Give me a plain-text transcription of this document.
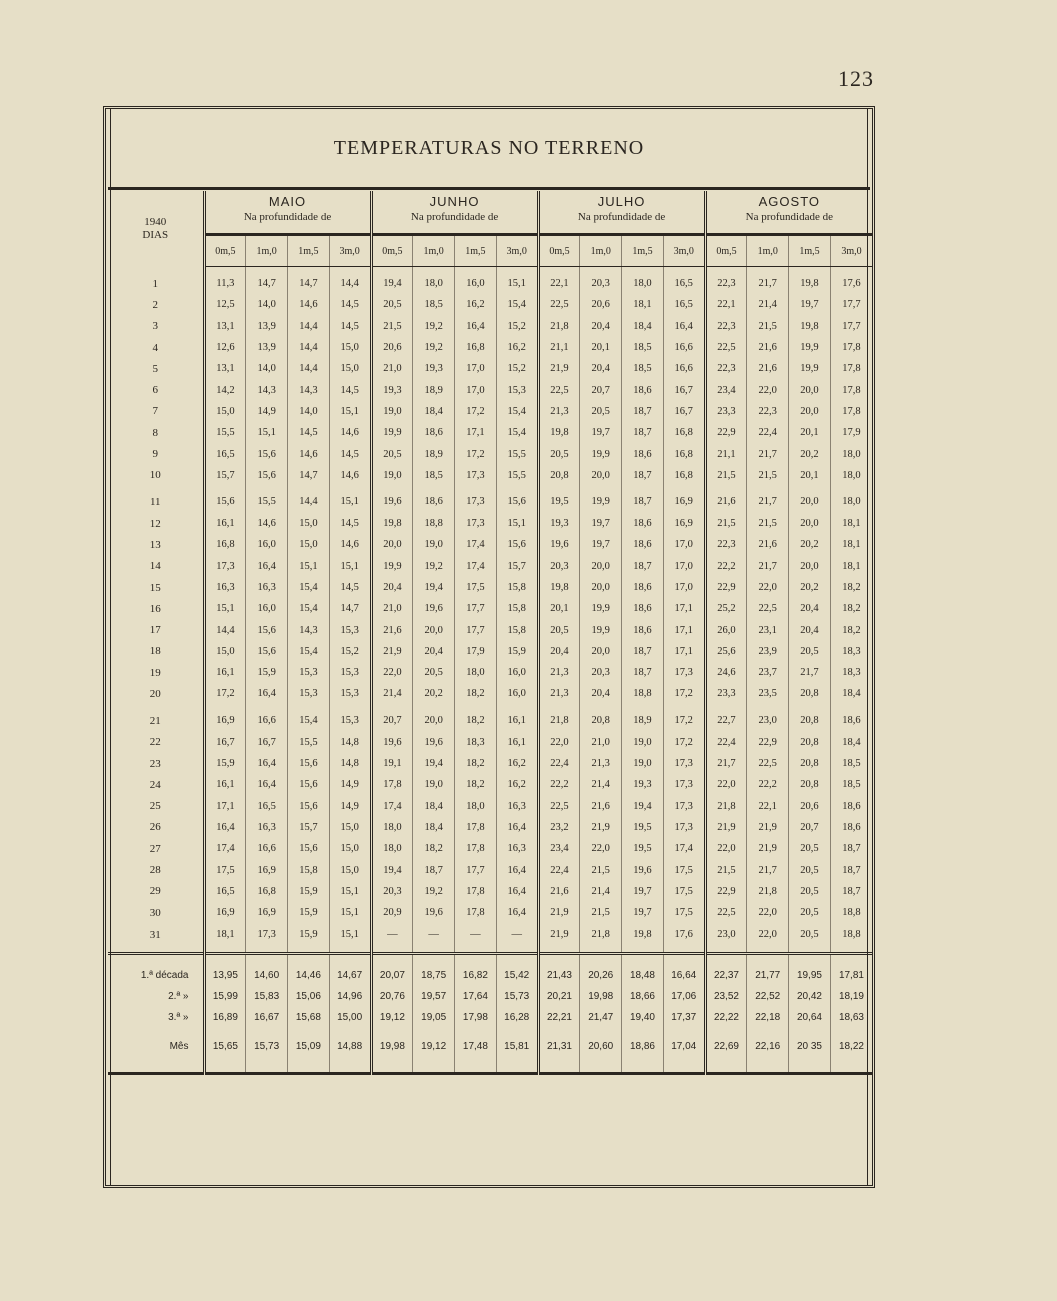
123
TEMPERATURAS NO TERRENO
1940
DIAS	MAIO				JUNHO				JULHO				AGOSTO			
	Na profundidade de				Na profundidade de				Na profundidade de				Na profundidade de			
	0m,5	1m,0	1m,5	3m,0	0m,5	1m,0	1m,5	3m,0	0m,5	1m,0	1m,5	3m,0	0m,5	1m,0	1m,5	3m,0

1	11,3	14,7	14,7	14,4	19,4	18,0	16,0	15,1	22,1	20,3	18,0	16,5	22,3	21,7	19,8	17,6
2	12,5	14,0	14,6	14,5	20,5	18,5	16,2	15,4	22,5	20,6	18,1	16,5	22,1	21,4	19,7	17,7
3	13,1	13,9	14,4	14,5	21,5	19,2	16,4	15,2	21,8	20,4	18,4	16,4	22,3	21,5	19,8	17,7
4	12,6	13,9	14,4	15,0	20,6	19,2	16,8	16,2	21,1	20,1	18,5	16,6	22,5	21,6	19,9	17,8
5	13,1	14,0	14,4	15,0	21,0	19,3	17,0	15,2	21,9	20,4	18,5	16,6	22,3	21,6	19,9	17,8
6	14,2	14,3	14,3	14,5	19,3	18,9	17,0	15,3	22,5	20,7	18,6	16,7	23,4	22,0	20,0	17,8
7	15,0	14,9	14,0	15,1	19,0	18,4	17,2	15,4	21,3	20,5	18,7	16,7	23,3	22,3	20,0	17,8
8	15,5	15,1	14,5	14,6	19,9	18,6	17,1	15,4	19,8	19,7	18,7	16,8	22,9	22,4	20,1	17,9
9	16,5	15,6	14,6	14,5	20,5	18,9	17,2	15,5	20,5	19,9	18,6	16,8	21,1	21,7	20,2	18,0
10	15,7	15,6	14,7	14,6	19,0	18,5	17,3	15,5	20,8	20,0	18,7	16,8	21,5	21,5	20,1	18,0
11	15,6	15,5	14,4	15,1	19,6	18,6	17,3	15,6	19,5	19,9	18,7	16,9	21,6	21,7	20,0	18,0
12	16,1	14,6	15,0	14,5	19,8	18,8	17,3	15,1	19,3	19,7	18,6	16,9	21,5	21,5	20,0	18,1
13	16,8	16,0	15,0	14,6	20,0	19,0	17,4	15,6	19,6	19,7	18,6	17,0	22,3	21,6	20,2	18,1
14	17,3	16,4	15,1	15,1	19,9	19,2	17,4	15,7	20,3	20,0	18,7	17,0	22,2	21,7	20,0	18,1
15	16,3	16,3	15,4	14,5	20,4	19,4	17,5	15,8	19,8	20,0	18,6	17,0	22,9	22,0	20,2	18,2
16	15,1	16,0	15,4	14,7	21,0	19,6	17,7	15,8	20,1	19,9	18,6	17,1	25,2	22,5	20,4	18,2
17	14,4	15,6	14,3	15,3	21,6	20,0	17,7	15,8	20,5	19,9	18,6	17,1	26,0	23,1	20,4	18,2
18	15,0	15,6	15,4	15,2	21,9	20,4	17,9	15,9	20,4	20,0	18,7	17,1	25,6	23,9	20,5	18,3
19	16,1	15,9	15,3	15,3	22,0	20,5	18,0	16,0	21,3	20,3	18,7	17,3	24,6	23,7	21,7	18,3
20	17,2	16,4	15,3	15,3	21,4	20,2	18,2	16,0	21,3	20,4	18,8	17,2	23,3	23,5	20,8	18,4
21	16,9	16,6	15,4	15,3	20,7	20,0	18,2	16,1	21,8	20,8	18,9	17,2	22,7	23,0	20,8	18,6
22	16,7	16,7	15,5	14,8	19,6	19,6	18,3	16,1	22,0	21,0	19,0	17,2	22,4	22,9	20,8	18,4
23	15,9	16,4	15,6	14,8	19,1	19,4	18,2	16,2	22,4	21,3	19,0	17,3	21,7	22,5	20,8	18,5
24	16,1	16,4	15,6	14,9	17,8	19,0	18,2	16,2	22,2	21,4	19,3	17,3	22,0	22,2	20,8	18,5
25	17,1	16,5	15,6	14,9	17,4	18,4	18,0	16,3	22,5	21,6	19,4	17,3	21,8	22,1	20,6	18,6
26	16,4	16,3	15,7	15,0	18,0	18,4	17,8	16,4	23,2	21,9	19,5	17,3	21,9	21,9	20,7	18,6
27	17,4	16,6	15,6	15,0	18,0	18,2	17,8	16,3	23,4	22,0	19,5	17,4	22,0	21,9	20,5	18,7
28	17,5	16,9	15,8	15,0	19,4	18,7	17,7	16,4	22,4	21,5	19,6	17,5	21,5	21,7	20,5	18,7
29	16,5	16,8	15,9	15,1	20,3	19,2	17,8	16,4	21,6	21,4	19,7	17,5	22,9	21,8	20,5	18,7
30	16,9	16,9	15,9	15,1	20,9	19,6	17,8	16,4	21,9	21,5	19,7	17,5	22,5	22,0	20,5	18,8
31	18,1	17,3	15,9	15,1	—	—	—	—	21,9	21,8	19,8	17,6	23,0	22,0	20,5	18,8

1.ª década	13,95	14,60	14,46	14,67	20,07	18,75	16,82	15,42	21,43	20,26	18,48	16,64	22,37	21,77	19,95	17,81
2.ª »	15,99	15,83	15,06	14,96	20,76	19,57	17,64	15,73	20,21	19,98	18,66	17,06	23,52	22,52	20,42	18,19
3.ª »	16,89	16,67	15,68	15,00	19,12	19,05	17,98	16,28	22,21	21,47	19,40	17,37	22,22	22,18	20,64	18,63
Mês	15,65	15,73	15,09	14,88	19,98	19,12	17,48	15,81	21,31	20,60	18,86	17,04	22,69	22,16	20 35	18,22
